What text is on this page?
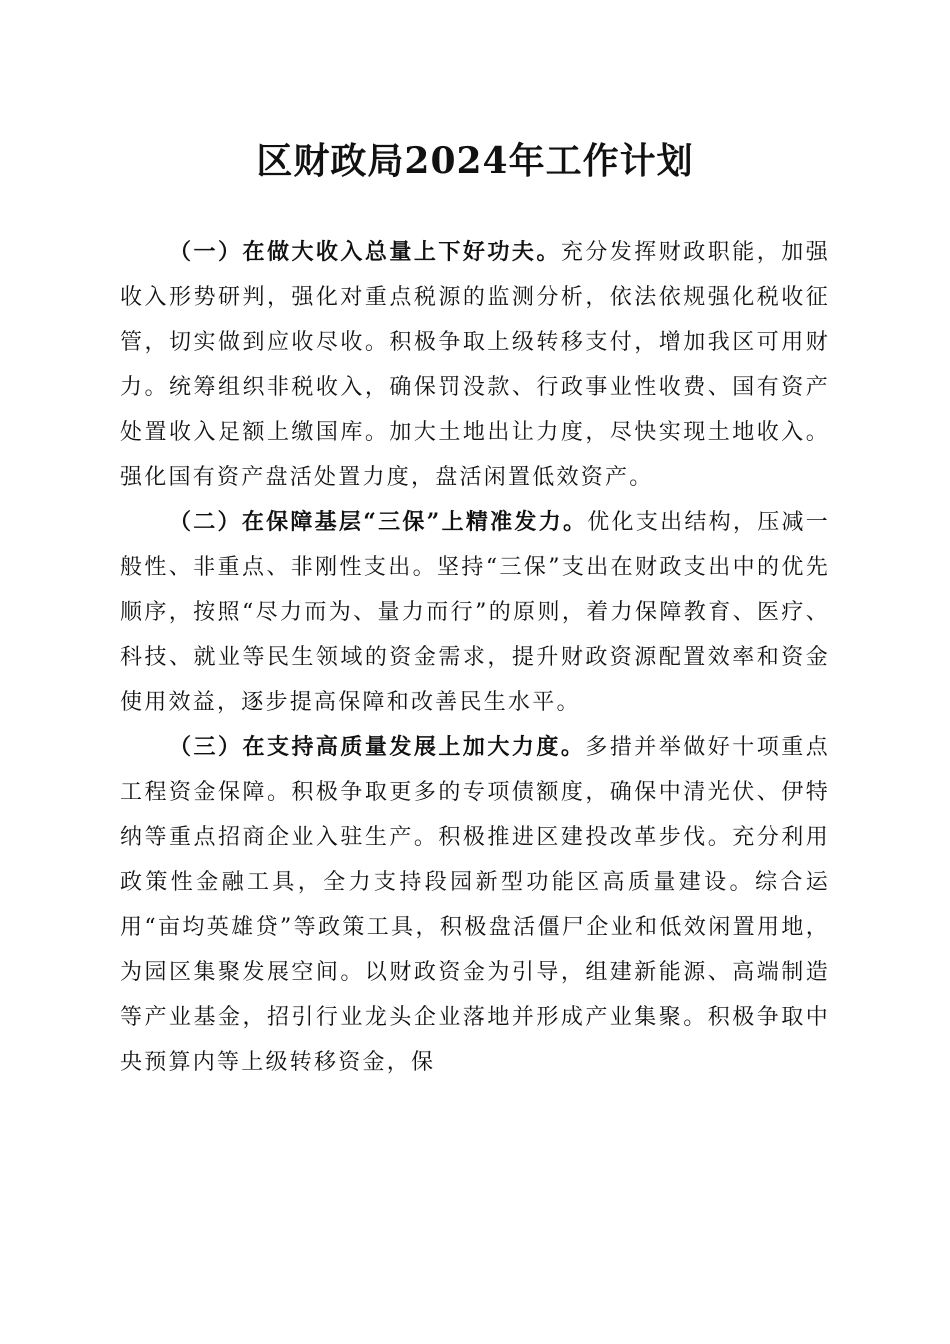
区财政局2024年工作计划

（一）在做大收入总量上下好功夫。充分发挥财政职能，加强收入形势研判，强化对重点税源的监测分析，依法依规强化税收征管，切实做到应收尽收。积极争取上级转移支付，增加我区可用财力。统筹组织非税收入，确保罚没款、行政事业性收费、国有资产处置收入足额上缴国库。加大土地出让力度，尽快实现土地收入。强化国有资产盘活处置力度，盘活闲置低效资产。

（二）在保障基层“三保”上精准发力。优化支出结构，压减一般性、非重点、非刚性支出。坚持“三保”支出在财政支出中的优先顺序，按照“尽力而为、量力而行”的原则，着力保障教育、医疗、科技、就业等民生领域的资金需求，提升财政资源配置效率和资金使用效益，逐步提高保障和改善民生水平。

（三）在支持高质量发展上加大力度。多措并举做好十项重点工程资金保障。积极争取更多的专项债额度，确保中清光伏、伊特纳等重点招商企业入驻生产。积极推进区建投改革步伐。充分利用政策性金融工具，全力支持段园新型功能区高质量建设。综合运用“亩均英雄贷”等政策工具，积极盘活僵尸企业和低效闲置用地，为园区集聚发展空间。以财政资金为引导，组建新能源、高端制造等产业基金，招引行业龙头企业落地并形成产业集聚。积极争取中央预算内等上级转移资金，保
